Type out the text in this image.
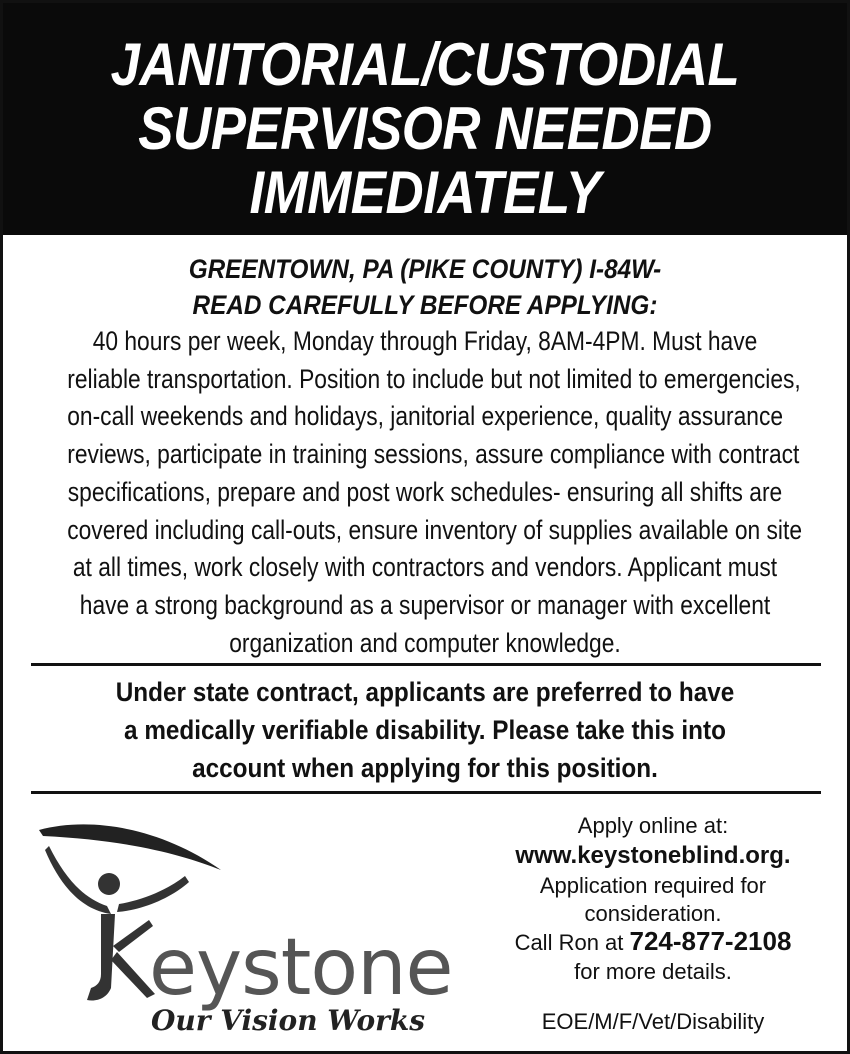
JANITORIAL/CUSTODIAL
SUPERVISOR NEEDED
IMMEDIATELY
GREENTOWN, PA (PIKE COUNTY) I-84W-
READ CAREFULLY BEFORE APPLYING:
40 hours per week, Monday through Friday, 8AM-4PM. Must have
reliable transportation. Position to include but not limited to emergencies,
on-call weekends and holidays, janitorial experience, quality assurance
reviews, participate in training sessions, assure compliance with contract
specifications, prepare and post work schedules- ensuring all shifts are
covered including call-outs, ensure inventory of supplies available on site
at all times, work closely with contractors and vendors. Applicant must
have a strong background as a supervisor or manager with excellent
organization and computer knowledge.
Under state contract, applicants are preferred to have
a medically verifiable disability. Please take this into
account when applying for this position.
eystone
Our Vision Works
Apply online at:
www.keystoneblind.org.
Application required for
consideration.
Call Ron at 724-877-2108
for more details.
EOE/M/F/Vet/Disability
